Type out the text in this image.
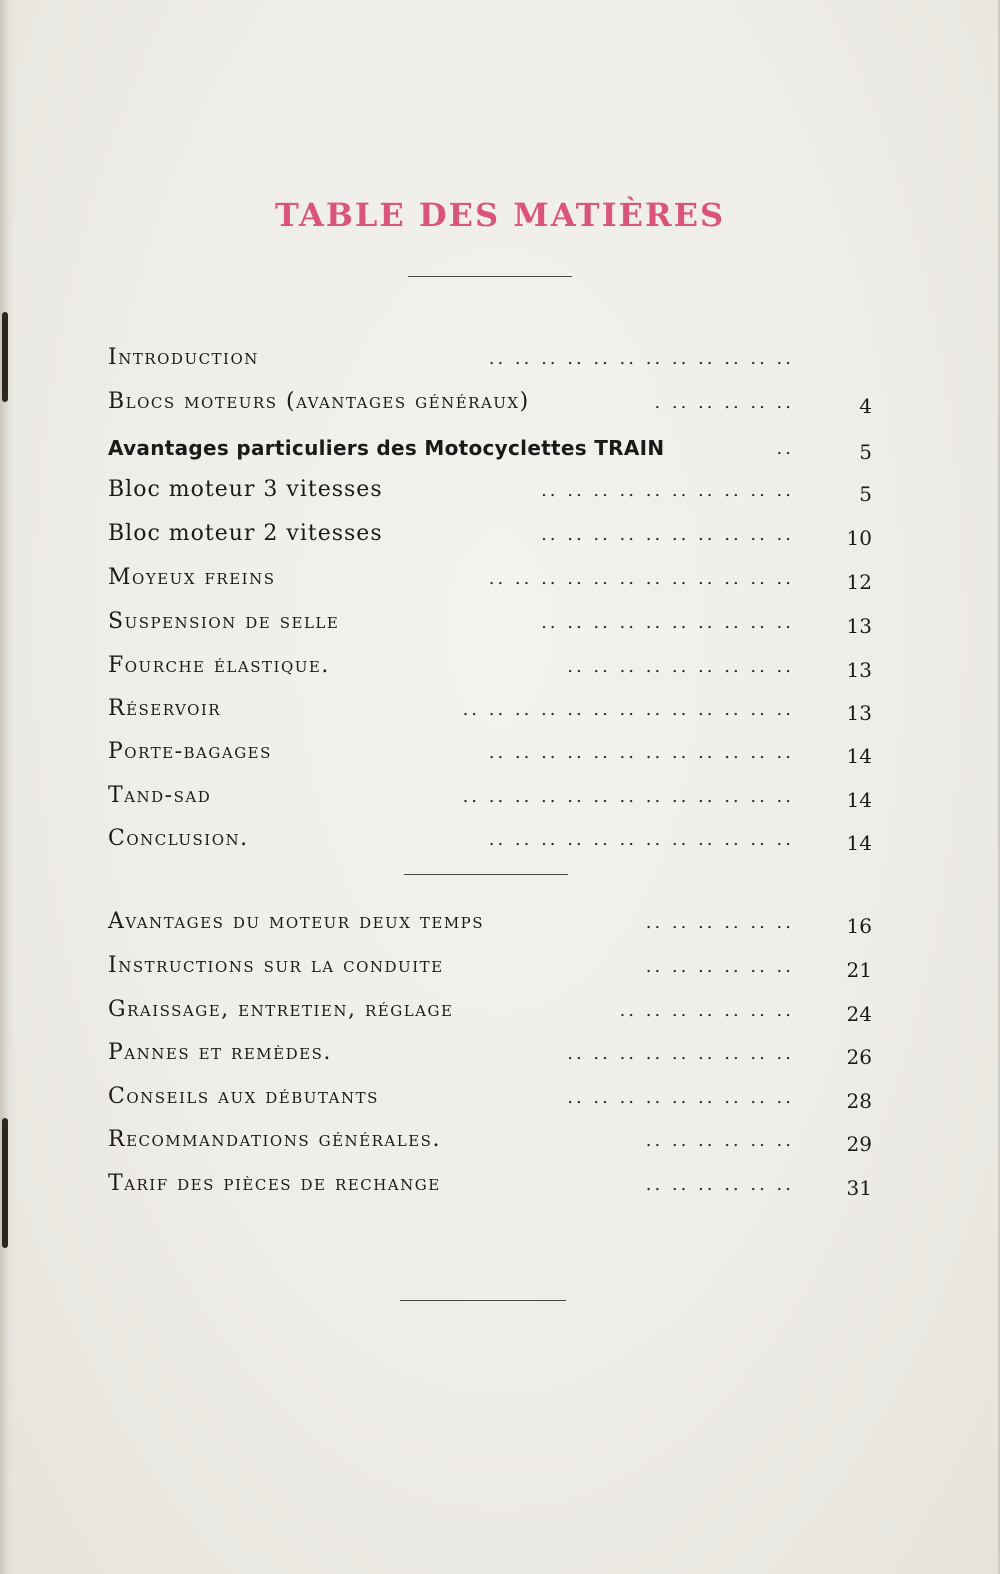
TABLE DES MATIÈRES
Introduction	.. .. .. .. .. .. .. .. .. .. .. ..
Blocs moteurs (avantages généraux)	. .. .. .. .. ..	4
Avantages particuliers des Motocyclettes TRAIN	..	5
Bloc moteur 3 vitesses	.. .. .. .. .. .. .. .. .. ..	5
Bloc moteur 2 vitesses	.. .. .. .. .. .. .. .. .. ..	10
Moyeux freins	.. .. .. .. .. .. .. .. .. .. .. ..	12
Suspension de selle	.. .. .. .. .. .. .. .. .. ..	13
Fourche élastique.	.. .. .. .. .. .. .. .. ..	13
Réservoir	.. .. .. .. .. .. .. .. .. .. .. .. ..	13
Porte-bagages	.. .. .. .. .. .. .. .. .. .. .. ..	14
Tand-sad	.. .. .. .. .. .. .. .. .. .. .. .. ..	14
Conclusion.	.. .. .. .. .. .. .. .. .. .. .. ..	14
Avantages du moteur deux temps	.. .. .. .. .. ..	16
Instructions sur la conduite	.. .. .. .. .. ..	21
Graissage, entretien, réglage	.. .. .. .. .. .. ..	24
Pannes et remèdes.	.. .. .. .. .. .. .. .. ..	26
Conseils aux débutants	.. .. .. .. .. .. .. .. ..	28
Recommandations générales.	.. .. .. .. .. ..	29
Tarif des pièces de rechange	.. .. .. .. .. ..	31
